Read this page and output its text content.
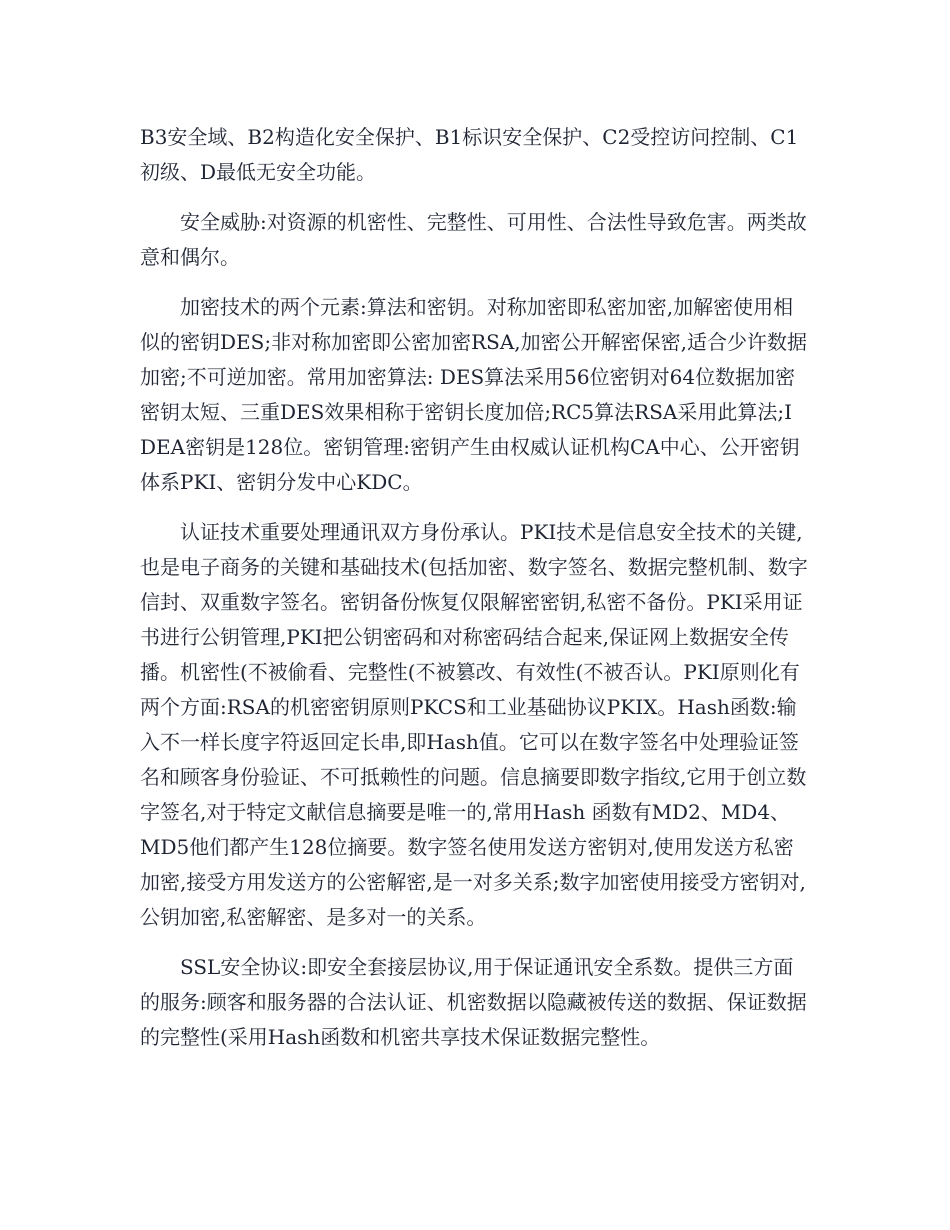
B3安全域、B2构造化安全保护、B1标识安全保护、C2受控访问控制、C1初级、D最低无安全功能。

安全威胁:对资源的机密性、完整性、可用性、合法性导致危害。两类故意和偶尔。

加密技术的两个元素:算法和密钥。对称加密即私密加密,加解密使用相似的密钥DES;非对称加密即公密加密RSA,加密公开解密保密,适合少许数据加密;不可逆加密。常用加密算法: DES算法采用56位密钥对64位数据加密密钥太短、三重DES效果相称于密钥长度加倍;RC5算法RSA采用此算法;IDEA密钥是128位。密钥管理:密钥产生由权威认证机构CA中心、公开密钥体系PKI、密钥分发中心KDC。

认证技术重要处理通讯双方身份承认。PKI技术是信息安全技术的关键,也是电子商务的关键和基础技术(包括加密、数字签名、数据完整机制、数字信封、双重数字签名。密钥备份恢复仅限解密密钥,私密不备份。PKI采用证书进行公钥管理,PKI把公钥密码和对称密码结合起来,保证网上数据安全传播。机密性(不被偷看、完整性(不被篡改、有效性(不被否认。PKI原则化有两个方面:RSA的机密密钥原则PKCS和工业基础协议PKIX。Hash函数:输入不一样长度字符返回定长串,即Hash值。它可以在数字签名中处理验证签名和顾客身份验证、不可抵赖性的问题。信息摘要即数字指纹,它用于创立数字签名,对于特定文献信息摘要是唯一的,常用Hash 函数有MD2、MD4、MD5他们都产生128位摘要。数字签名使用发送方密钥对,使用发送方私密加密,接受方用发送方的公密解密,是一对多关系;数字加密使用接受方密钥对,公钥加密,私密解密、是多对一的关系。

SSL安全协议:即安全套接层协议,用于保证通讯安全系数。提供三方面的服务:顾客和服务器的合法认证、机密数据以隐藏被传送的数据、保证数据的完整性(采用Hash函数和机密共享技术保证数据完整性。
